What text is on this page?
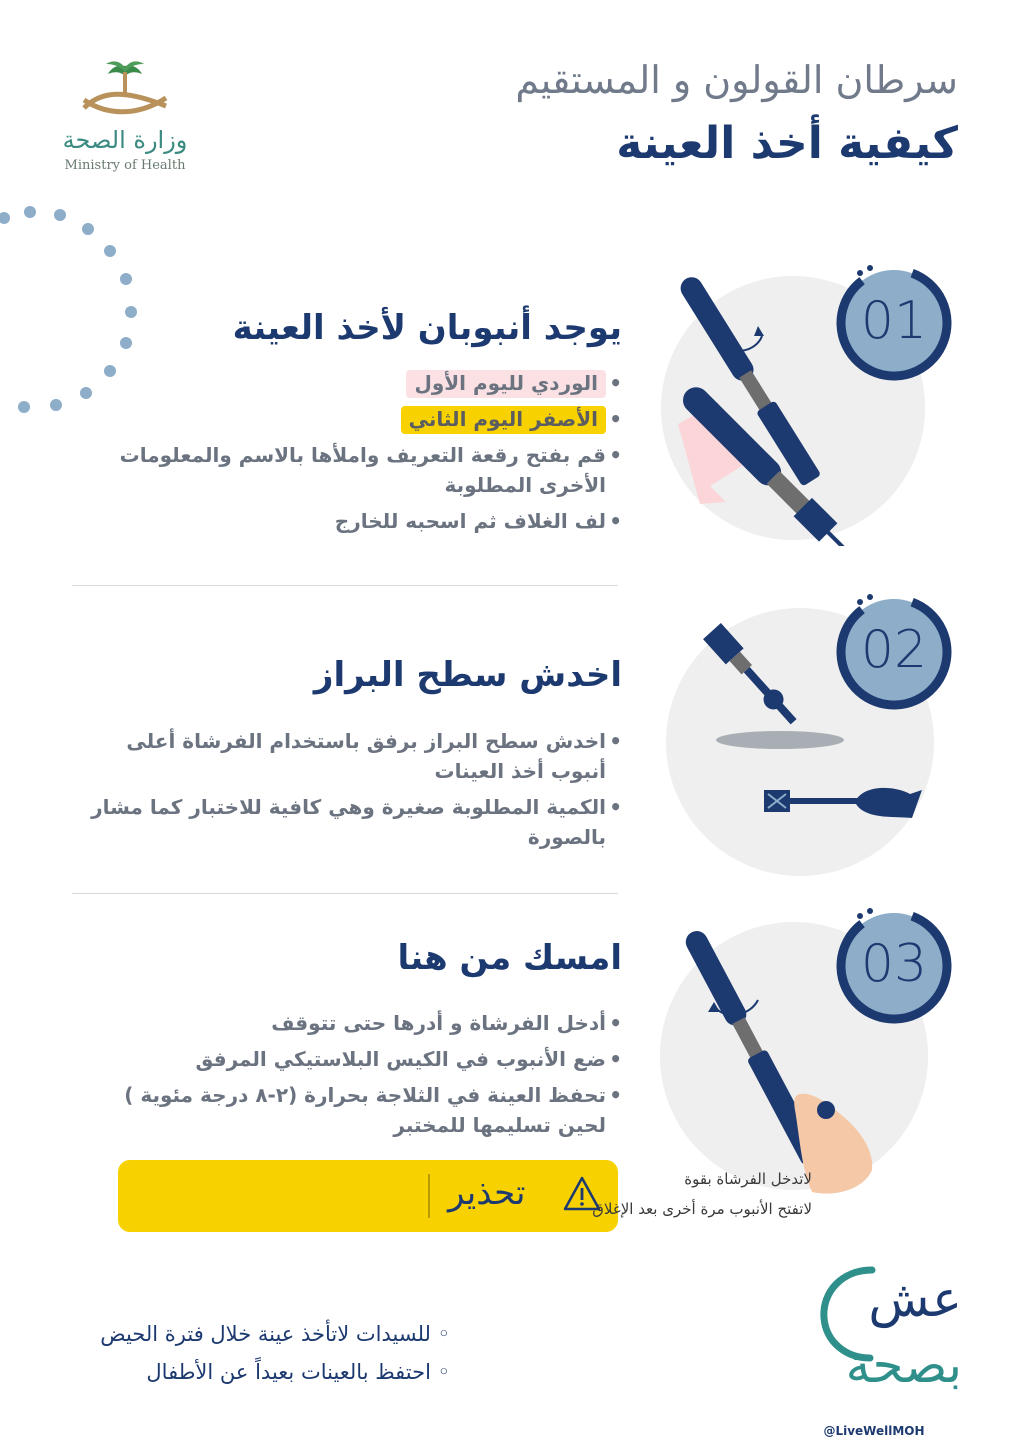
وزارة الصحة
Ministry of Health
سرطان القولون و المستقيم
كيفية أخذ العينة
01
يوجد أنبوبان لأخذ العينة
• الوردي لليوم الأول
• الأصفر اليوم الثاني
• قم بفتح رقعة التعريف واملأها بالاسم والمعلومات الأخرى المطلوبة
• لف الغلاف ثم اسحبه للخارج
02
اخدش سطح البراز
• اخدش سطح البراز برفق باستخدام الفرشاة أعلى أنبوب أخذ العينات
• الكمية المطلوبة صغيرة وهي كافية للاختبار كما مشار بالصورة
03
امسك من هنا
• أدخل الفرشاة و أدرها حتى تتوقف
• ضع الأنبوب في الكيس البلاستيكي المرفق
• تحفظ العينة في الثلاجة بحرارة (٢-٨ درجة مئوية ) لحين تسليمها للمختبر
تحذير	لاتدخل الفرشاة بقوة
لاتفتح الأنبوب مرة أخرى بعد الإغلاق
◦ للسيدات لاتأخذ عينة خلال فترة الحيض
◦ احتفظ بالعينات بعيداً عن الأطفال
عش
بصحة
@LiveWellMOH
